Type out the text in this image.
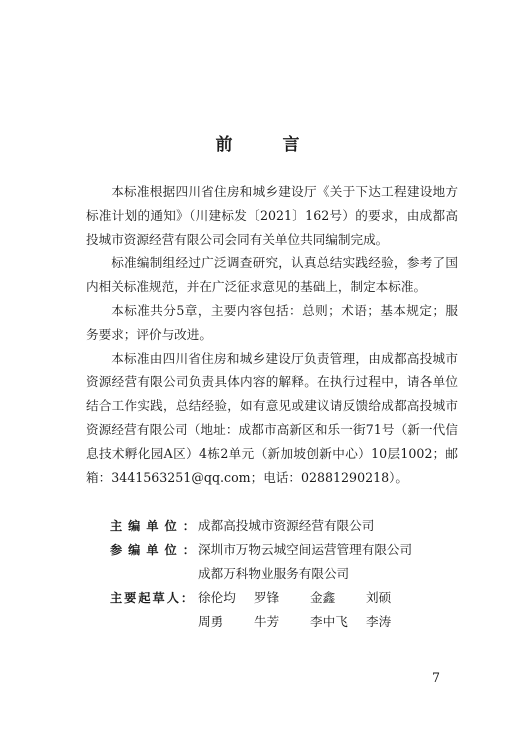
前 言

本标准根据四川省住房和城乡建设厅《关于下达工程建设地方标准计划的通知》（川建标发〔2021〕162号）的要求，由成都高投城市资源经营有限公司会同有关单位共同编制完成。

标准编制组经过广泛调查研究，认真总结实践经验，参考了国内相关标准规范，并在广泛征求意见的基础上，制定本标准。

本标准共分5章，主要内容包括：总则；术语；基本规定；服务要求；评价与改进。

本标准由四川省住房和城乡建设厅负责管理，由成都高投城市资源经营有限公司负责具体内容的解释。在执行过程中，请各单位结合工作实践，总结经验，如有意见或建议请反馈给成都高投城市资源经营有限公司（地址：成都市高新区和乐一街71号（新一代信息技术孵化园A区）4栋2单元（新加坡创新中心）10层1002；邮箱：3441563251@qq.com；电话：02881290218）。

主编单位：
成都高投城市资源经营有限公司
参编单位：
深圳市万物云城空间运营管理有限公司
成都万科物业服务有限公司
主要起草人： 徐伦均	罗锋	金鑫	刘硕
周勇	牛芳	李中飞	李涛
7
